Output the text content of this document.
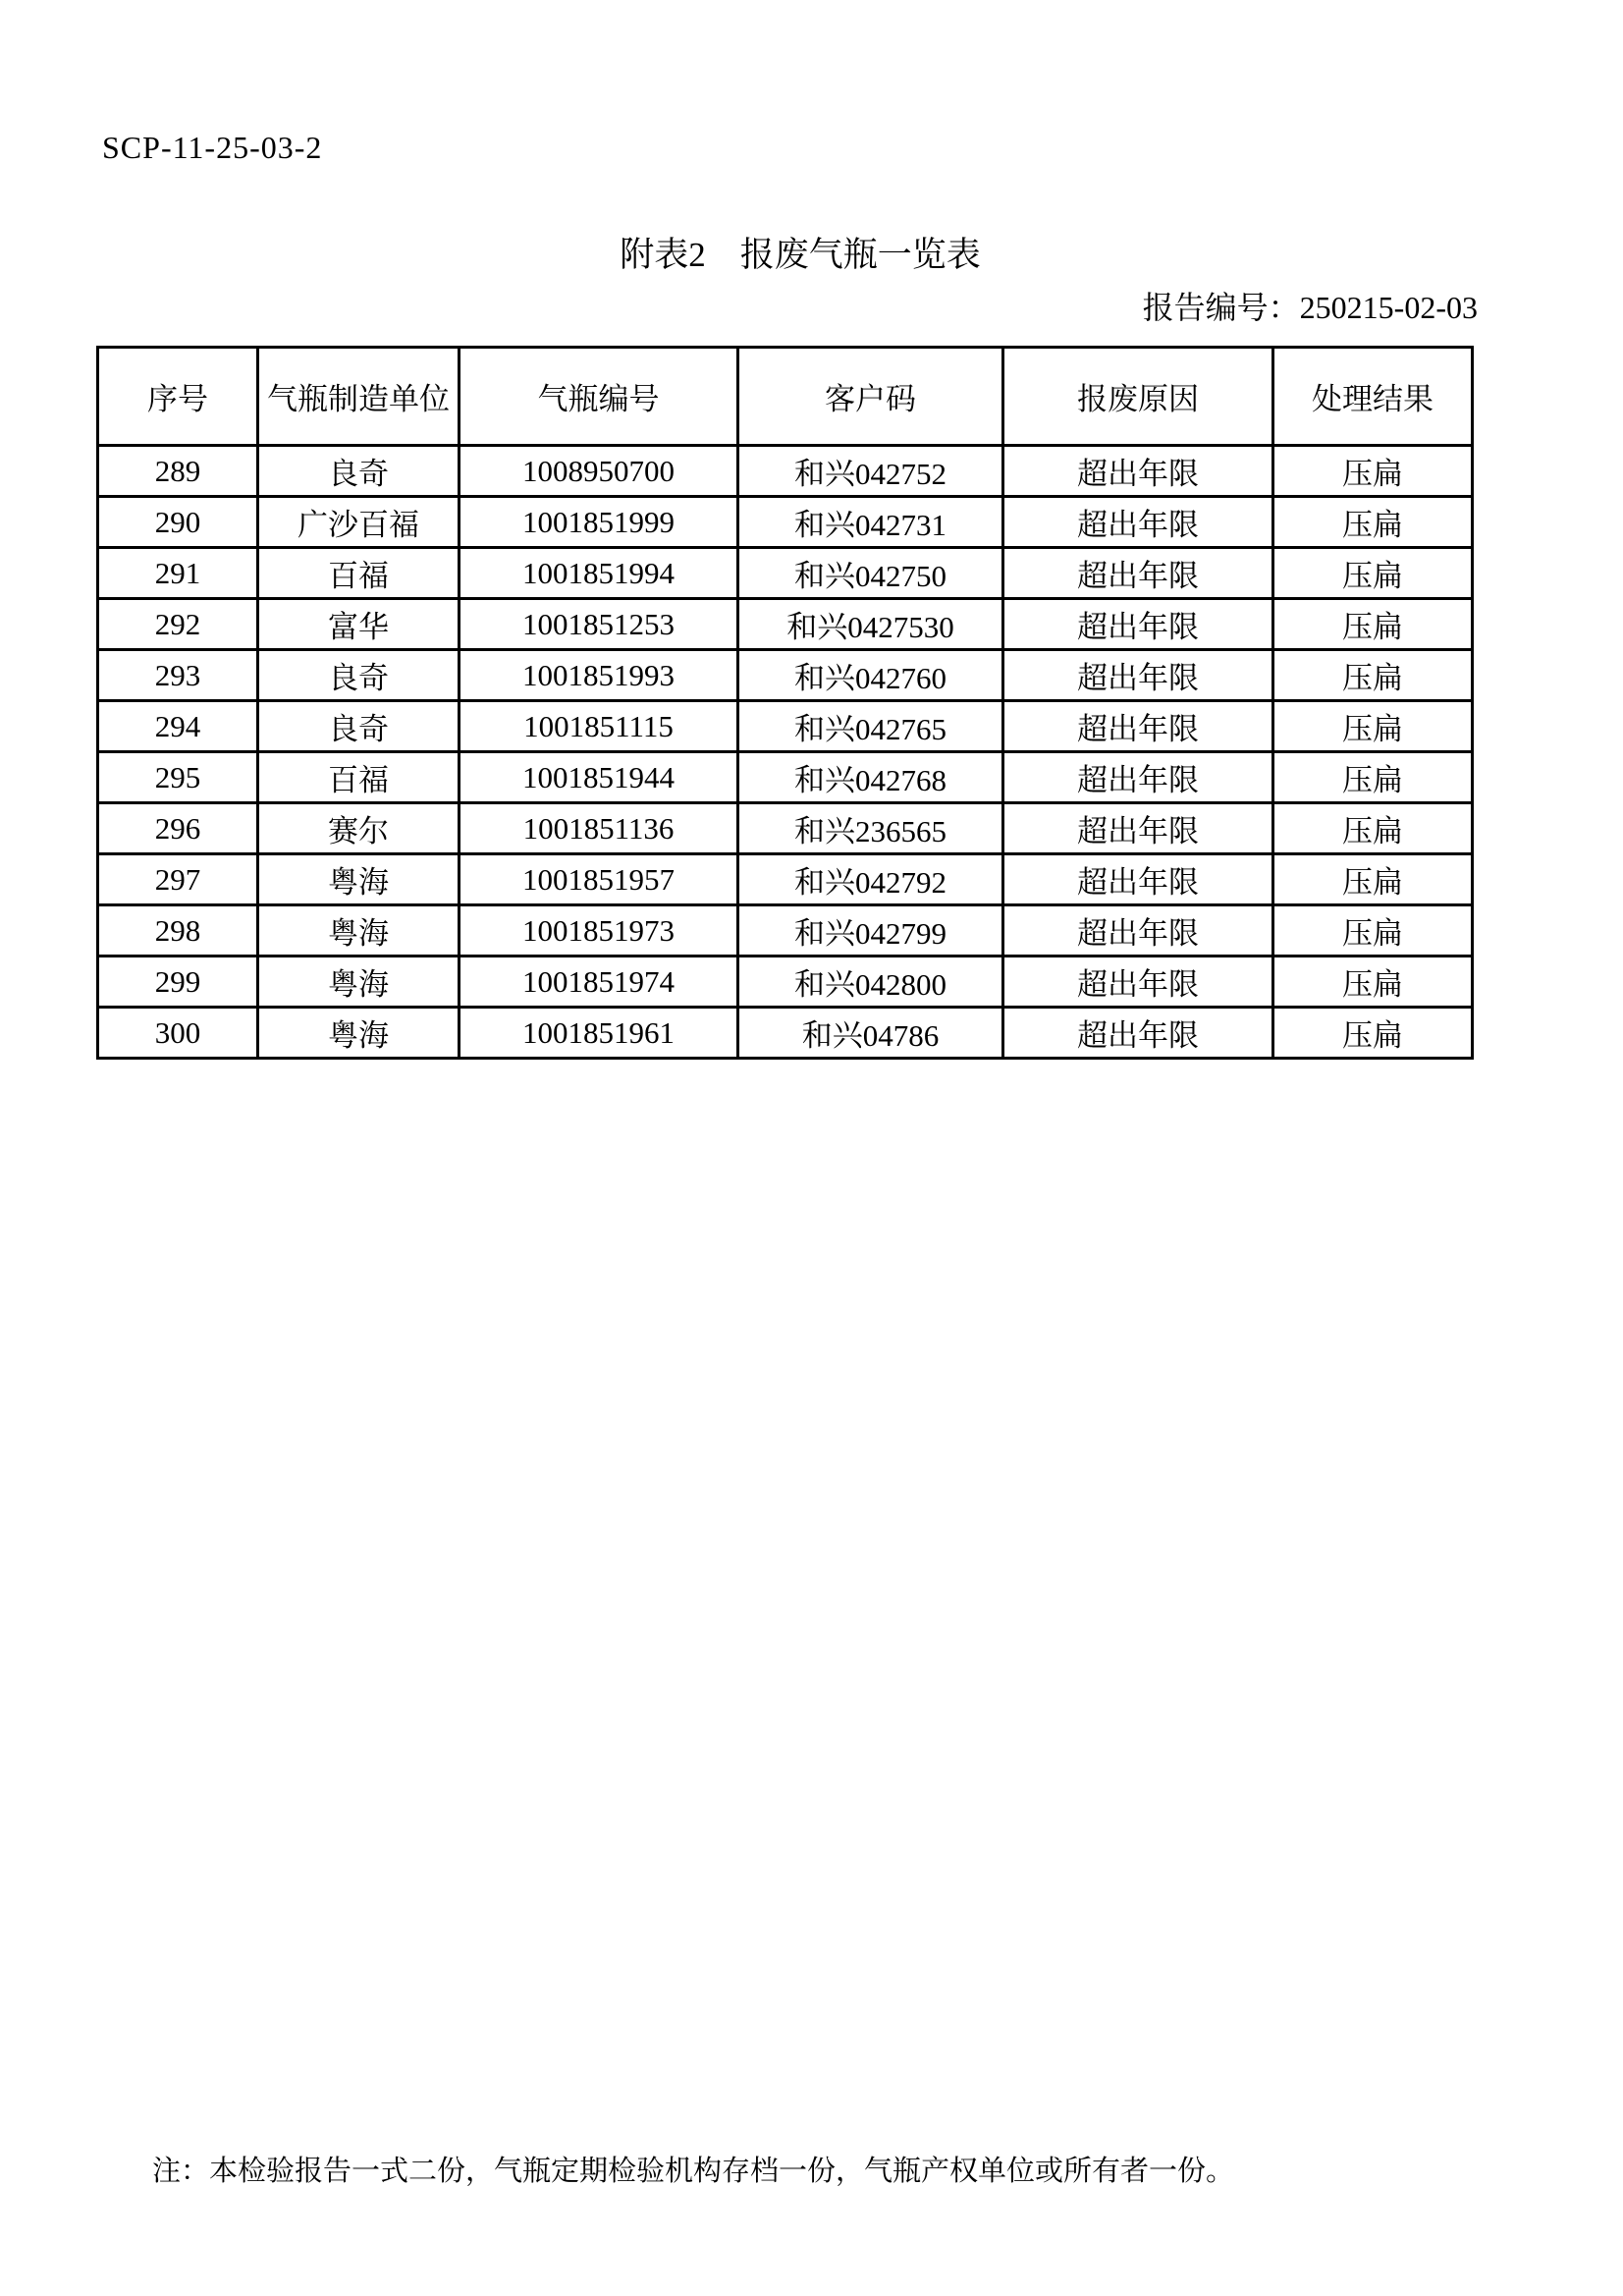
SCP-11-25-03-2
附表2　报废气瓶一览表
报告编号：250215-02-03
序号	气瓶制造单位	气瓶编号	客户码	报废原因	处理结果
289	良奇	1008950700	和兴042752	超出年限	压扁
290	广沙百福	1001851999	和兴042731	超出年限	压扁
291	百福	1001851994	和兴042750	超出年限	压扁
292	富华	1001851253	和兴0427530	超出年限	压扁
293	良奇	1001851993	和兴042760	超出年限	压扁
294	良奇	1001851115	和兴042765	超出年限	压扁
295	百福	1001851944	和兴042768	超出年限	压扁
296	赛尔	1001851136	和兴236565	超出年限	压扁
297	粤海	1001851957	和兴042792	超出年限	压扁
298	粤海	1001851973	和兴042799	超出年限	压扁
299	粤海	1001851974	和兴042800	超出年限	压扁
300	粤海	1001851961	和兴04786	超出年限	压扁
注：本检验报告一式二份，气瓶定期检验机构存档一份，气瓶产权单位或所有者一份。
